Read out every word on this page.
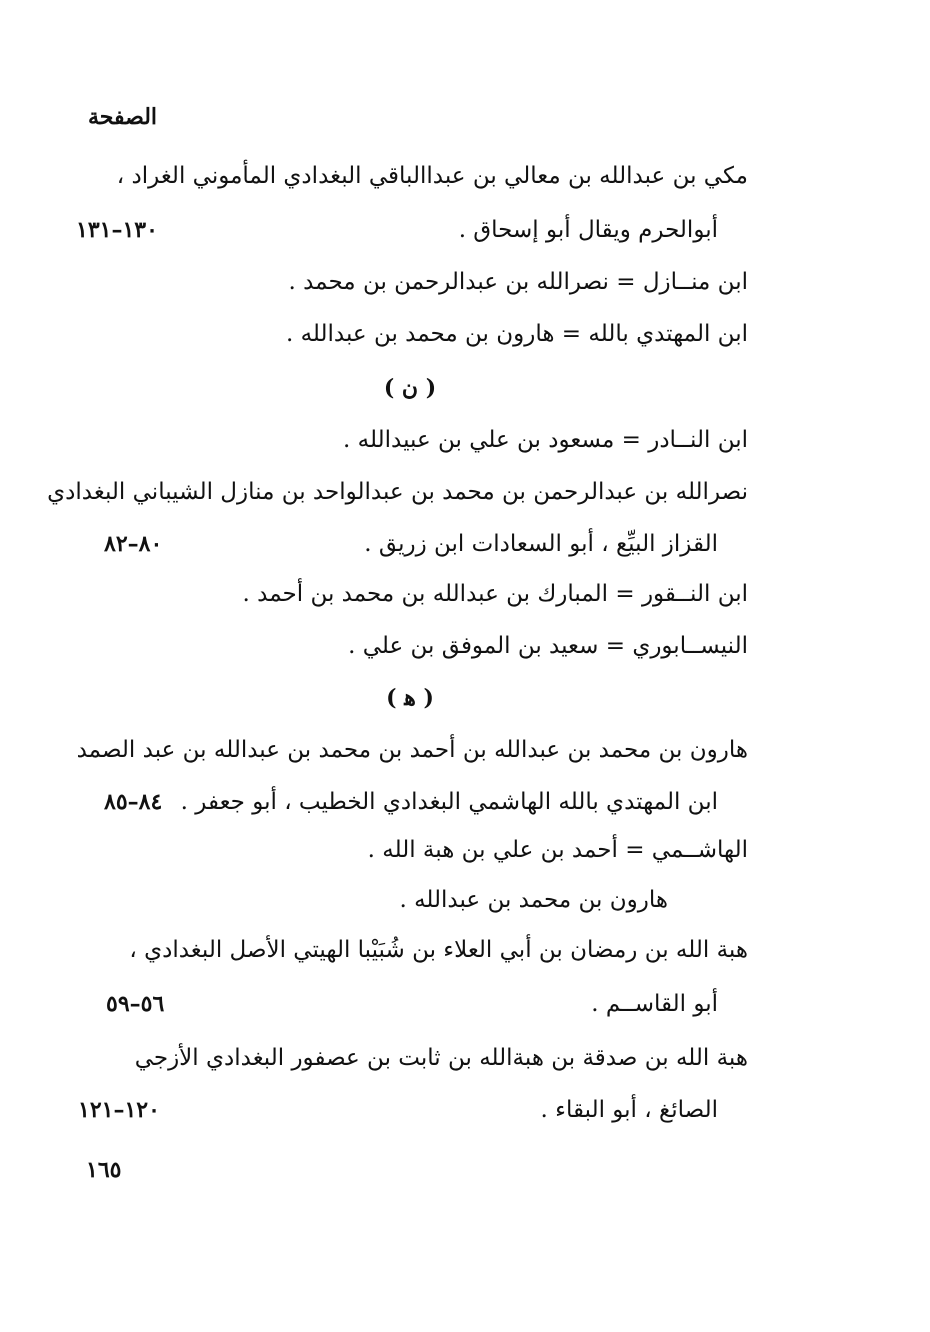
الصفحة
مكي بن عبدالله بن معالي بن عبداالباقي البغدادي المأموني الغراد ،
أبوالحرم ويقال أبو إسحاق .
١٣٠–١٣١
ابن منــازل = نصرالله بن عبدالرحمن بن محمد .
ابن المهتدي بالله = هارون بن محمد بن عبدالله .
( ن )
ابن النــادر = مسعود بن علي بن عبيدالله .
نصرالله بن عبدالرحمن بن محمد بن عبدالواحد بن منازل الشيباني البغدادي
القزاز البيِّع ، أبو السعادات ابن زريق .
٨٠–٨٢
ابن النــقور = المبارك بن عبدالله بن محمد بن أحمد .
النيســابوري = سعيد بن الموفق بن علي .
( ﻫ )
هارون بن محمد بن عبدالله بن أحمد بن محمد بن عبدالله بن عبد الصمد
ابن المهتدي بالله الهاشمي البغدادي الخطيب ، أبو جعفر .
٨٤–٨٥
الهاشــمي = أحمد بن علي بن هبة الله .
هارون بن محمد بن عبدالله .
هبة الله بن رمضان بن أبي العلاء بن شُبَيْبا الهيتي الأصل البغدادي ،
أبو القاســم .
٥٦–٥٩
هبة الله بن صدقة بن هبةالله بن ثابت بن عصفور البغدادي الأزجي
الصائغ ، أبو البقاء .
١٢٠–١٢١
١٦٥
